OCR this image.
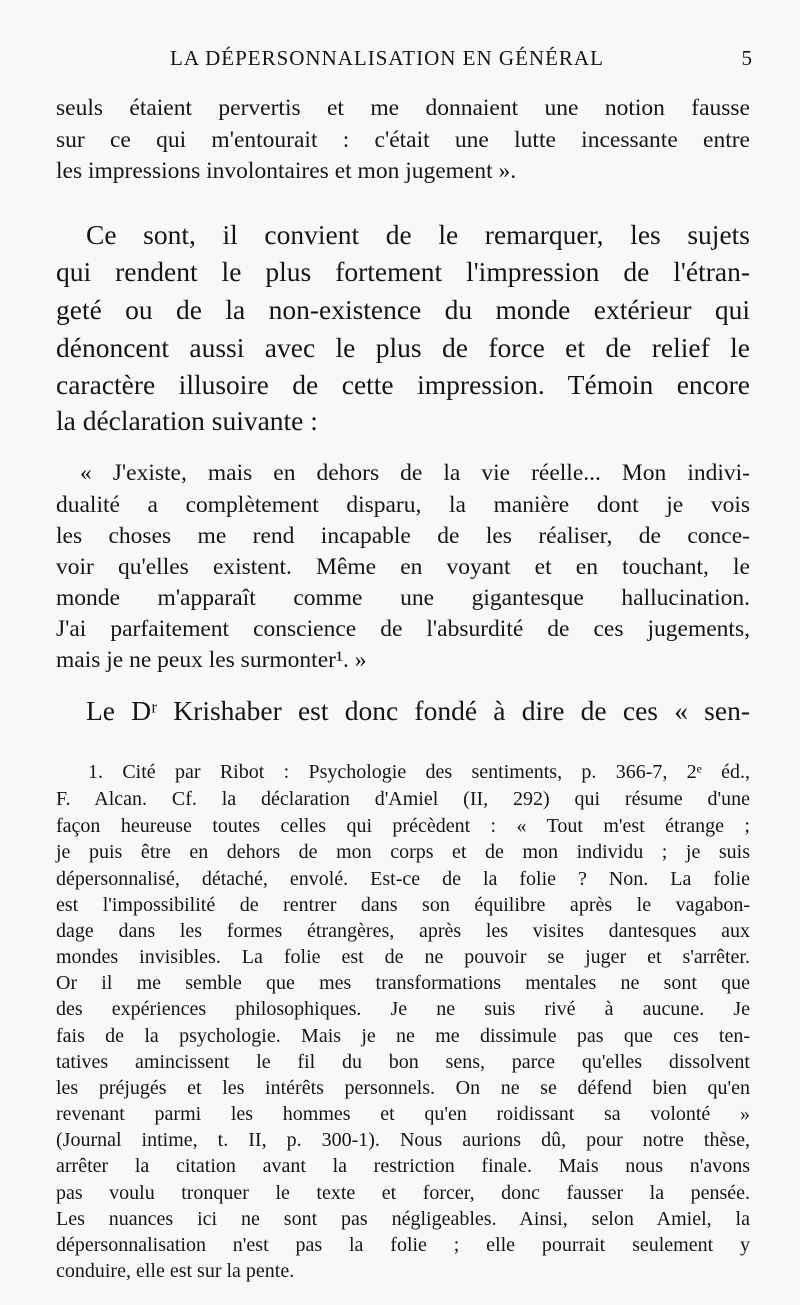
LA DÉPERSONNALISATION EN GÉNÉRAL	5
seuls étaient pervertis et me donnaient une notion fausse
sur ce qui m'entourait : c'était une lutte incessante entre
les impressions involontaires et mon jugement ».
Ce sont, il convient de le remarquer, les sujets
qui rendent le plus fortement l'impression de l'étran-
geté ou de la non-existence du monde extérieur qui
dénoncent aussi avec le plus de force et de relief le
caractère illusoire de cette impression. Témoin encore
la déclaration suivante :
« J'existe, mais en dehors de la vie réelle... Mon indivi-
dualité a complètement disparu, la manière dont je vois
les choses me rend incapable de les réaliser, de conce-
voir qu'elles existent. Même en voyant et en touchant, le
monde m'apparaît comme une gigantesque hallucination.
J'ai parfaitement conscience de l'absurdité de ces jugements,
mais je ne peux les surmonter¹. »
Le Dʳ Krishaber est donc fondé à dire de ces « sen-
1. Cité par Ribot : Psychologie des sentiments, p. 366-7, 2ᵉ éd.,
F. Alcan. Cf. la déclaration d'Amiel (II, 292) qui résume d'une
façon heureuse toutes celles qui précèdent : « Tout m'est étrange ;
je puis être en dehors de mon corps et de mon individu ; je suis
dépersonnalisé, détaché, envolé. Est-ce de la folie ? Non. La folie
est l'impossibilité de rentrer dans son équilibre après le vagabon-
dage dans les formes étrangères, après les visites dantesques aux
mondes invisibles. La folie est de ne pouvoir se juger et s'arrêter.
Or il me semble que mes transformations mentales ne sont que
des expériences philosophiques. Je ne suis rivé à aucune. Je
fais de la psychologie. Mais je ne me dissimule pas que ces ten-
tatives amincissent le fil du bon sens, parce qu'elles dissolvent
les préjugés et les intérêts personnels. On ne se défend bien qu'en
revenant parmi les hommes et qu'en roidissant sa volonté »
(Journal intime, t. II, p. 300-1). Nous aurions dû, pour notre thèse,
arrêter la citation avant la restriction finale. Mais nous n'avons
pas voulu tronquer le texte et forcer, donc fausser la pensée.
Les nuances ici ne sont pas négligeables. Ainsi, selon Amiel, la
dépersonnalisation n'est pas la folie ; elle pourrait seulement y
conduire, elle est sur la pente.
